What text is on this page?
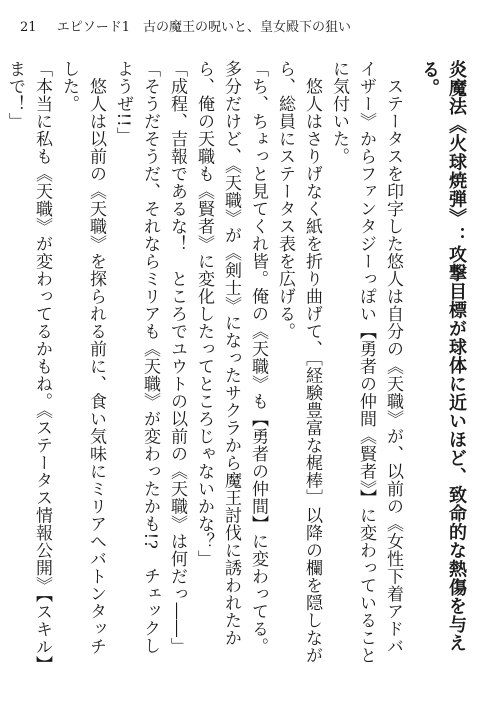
21 エピソード1　古の魔王の呪いと、皇女殿下の狙い

炎魔法《火球焼弾》：攻撃目標が球体に近いほど、致命的な熱傷を与える。

ステータスを印字した悠人は自分の《天職》が、以前の《女性下着アドバイザー》からファンタジーっぽい【勇者の仲間《賢者》】に変わっていることに気付いた。

悠人はさりげなく紙を折り曲げて、［経験豊富な梶棒］以降の欄を隠しながら、総員にステータス表を広げる。

「ち、ちょっと見てくれ皆。俺の《天職》も【勇者の仲間】に変わってる。多分だけど、《天職》が《剣士》になったサクラから魔王討伐に誘われたから、俺の天職も《賢者》に変化したってところじゃないかな？」

「成程、吉報であるな！　ところでユウトの以前の《天職》は何だっ――」

「そうだそうだ、それならミリアも《天職》が変わったかも!?　チェックしようぜ!!」

悠人は以前の《天職》を探られる前に、食い気味にミリアへバトンタッチした。

「本当に私も《天職》が変わってるかもね。《ステータス情報公開》【スキル】まで！」
